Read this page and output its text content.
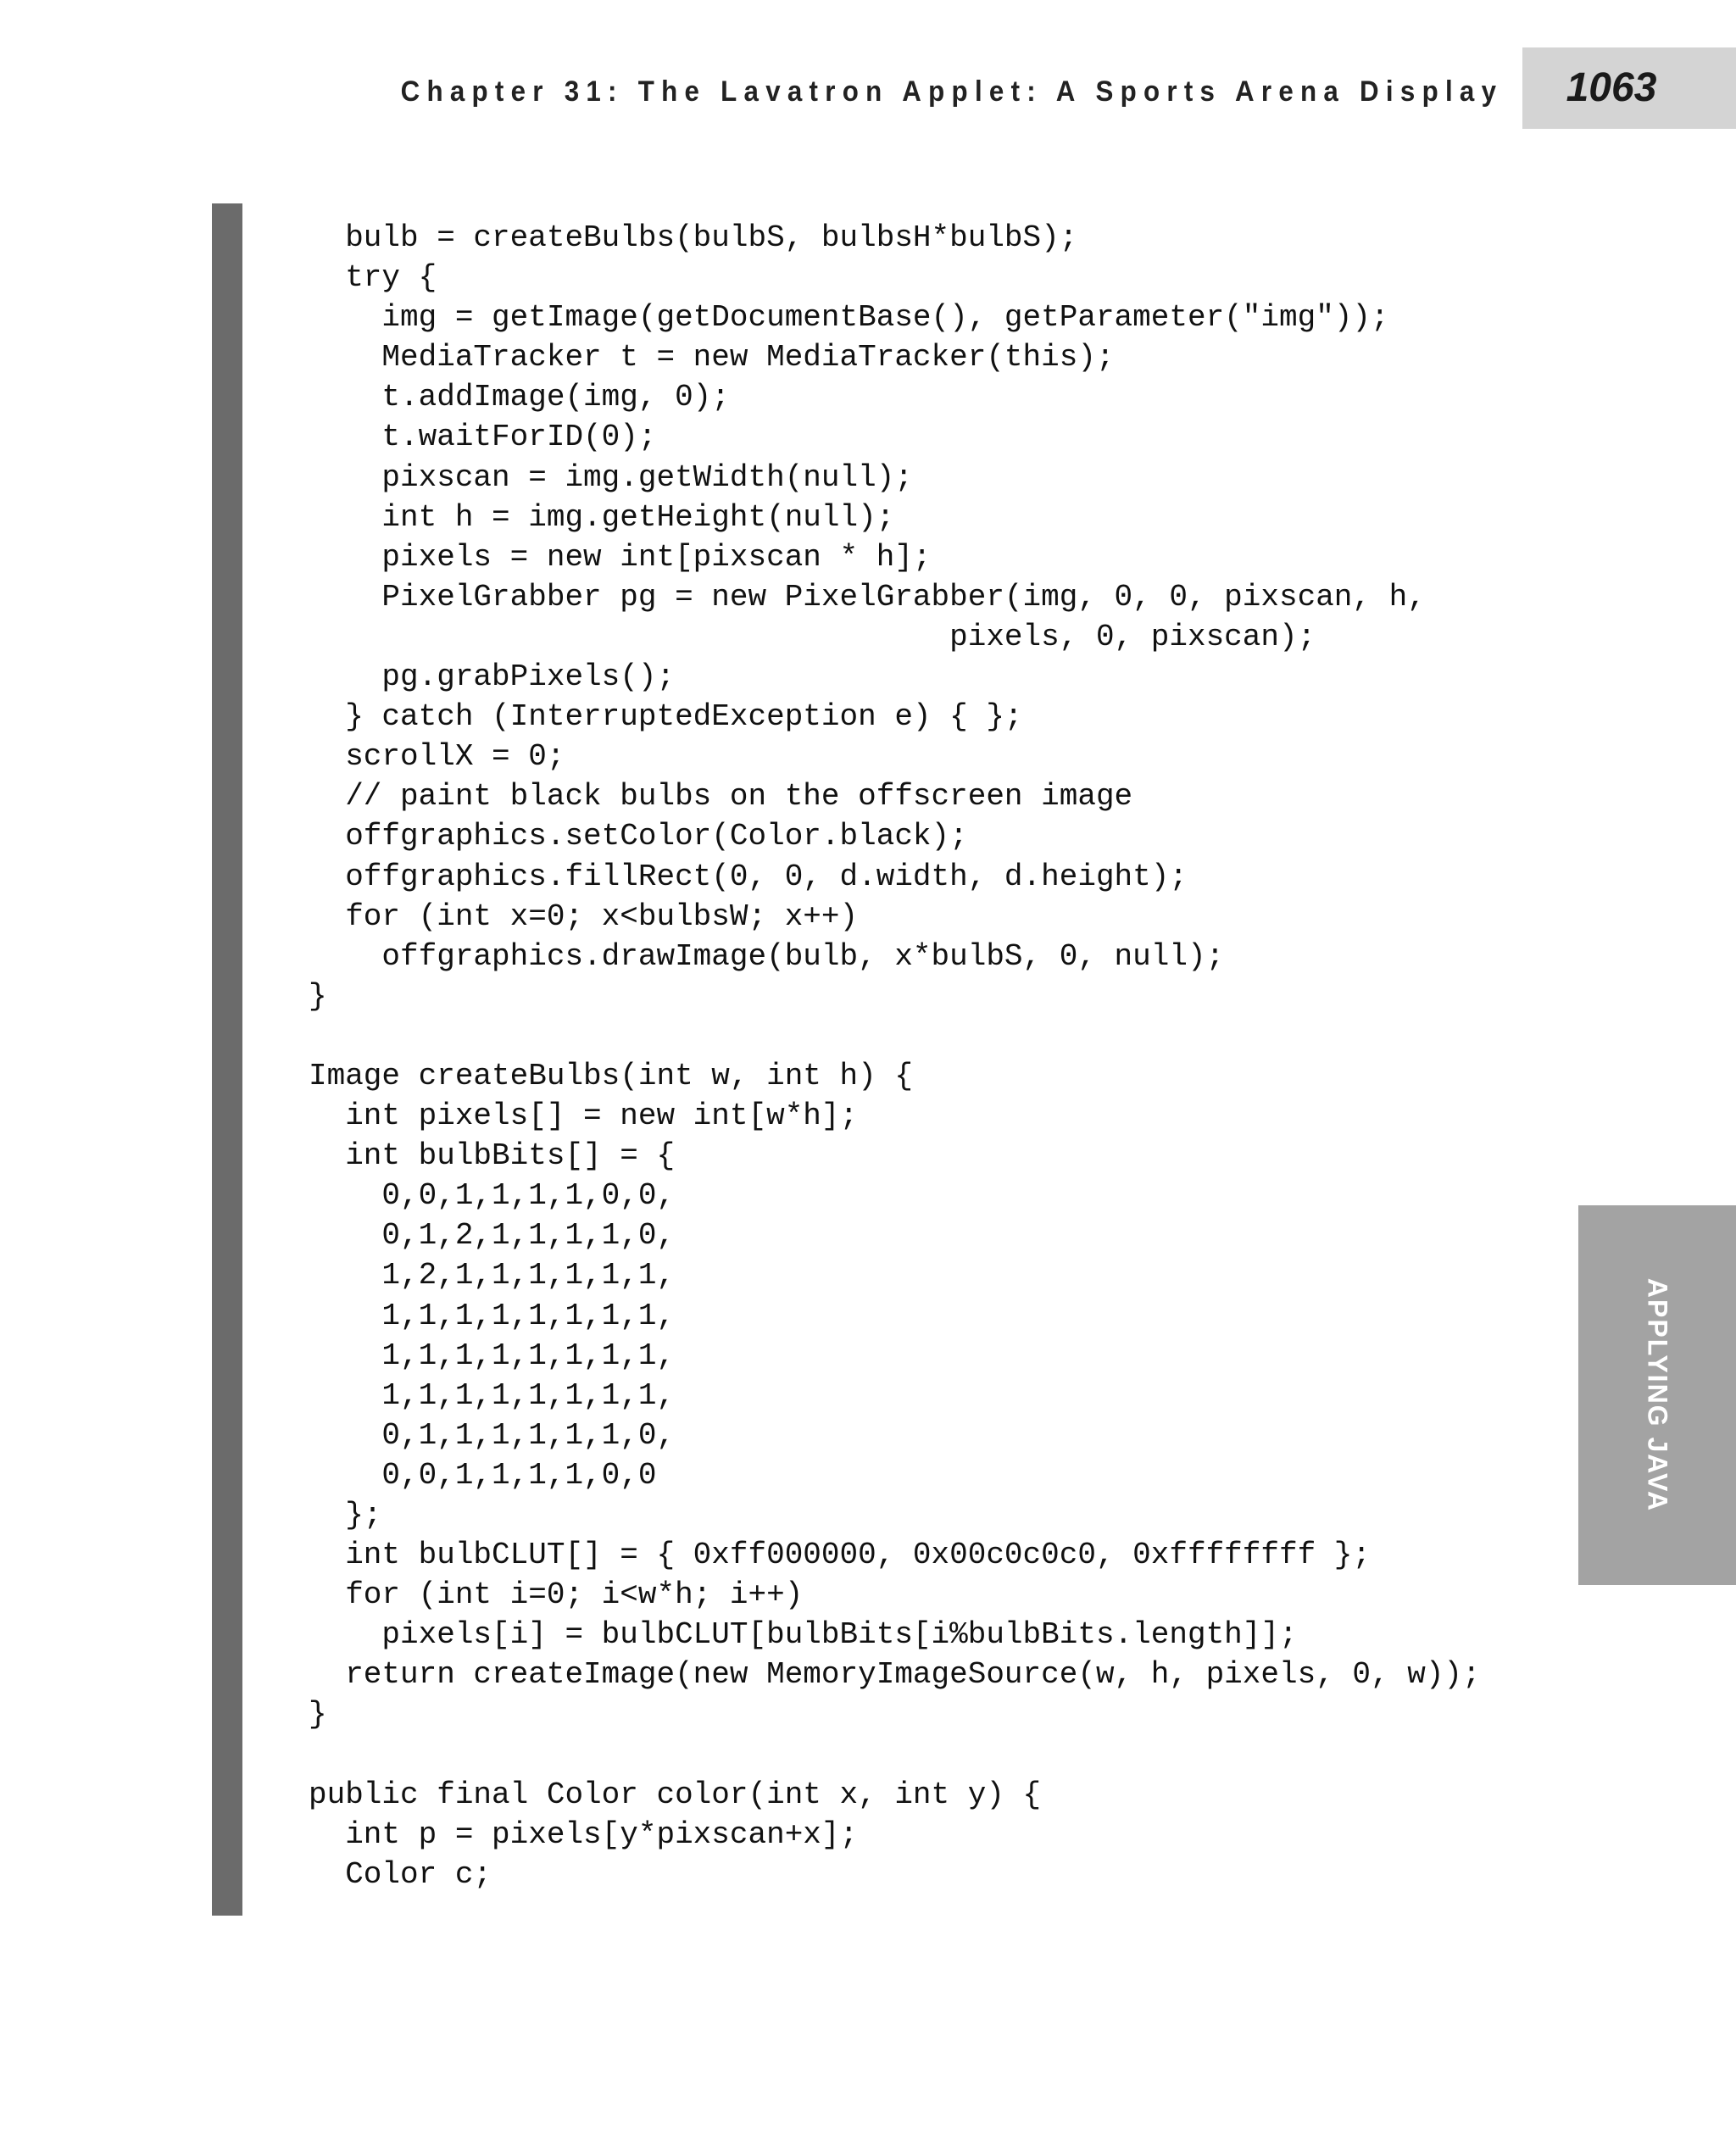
Chapter 31: The Lavatron Applet: A Sports Arena Display	1063
bulb = createBulbs(bulbS, bulbsH*bulbS);
try {
img = getImage(getDocumentBase(), getParameter("img"));
MediaTracker t = new MediaTracker(this);
t.addImage(img, 0);
t.waitForID(0);
pixscan = img.getWidth(null);
int h = img.getHeight(null);
pixels = new int[pixscan * h];
PixelGrabber pg = new PixelGrabber(img, 0, 0, pixscan, h,
pixels, 0, pixscan);
pg.grabPixels();
} catch (InterruptedException e) { };
scrollX = 0;
// paint black bulbs on the offscreen image
offgraphics.setColor(Color.black);
offgraphics.fillRect(0, 0, d.width, d.height);
for (int x=0; x<bulbsW; x++)
offgraphics.drawImage(bulb, x*bulbS, 0, null);
}

Image createBulbs(int w, int h) {
int pixels[] = new int[w*h];
int bulbBits[] = {
0,0,1,1,1,1,0,0,
0,1,2,1,1,1,1,0,
1,2,1,1,1,1,1,1,
1,1,1,1,1,1,1,1,
1,1,1,1,1,1,1,1,
1,1,1,1,1,1,1,1,
0,1,1,1,1,1,1,0,
0,0,1,1,1,1,0,0
};
int bulbCLUT[] = { 0xff000000, 0x00c0c0c0, 0xffffffff };
for (int i=0; i<w*h; i++)
pixels[i] = bulbCLUT[bulbBits[i%bulbBits.length]];
return createImage(new MemoryImageSource(w, h, pixels, 0, w));
}

public final Color color(int x, int y) {
int p = pixels[y*pixscan+x];
Color c;

APPLYING JAVA
